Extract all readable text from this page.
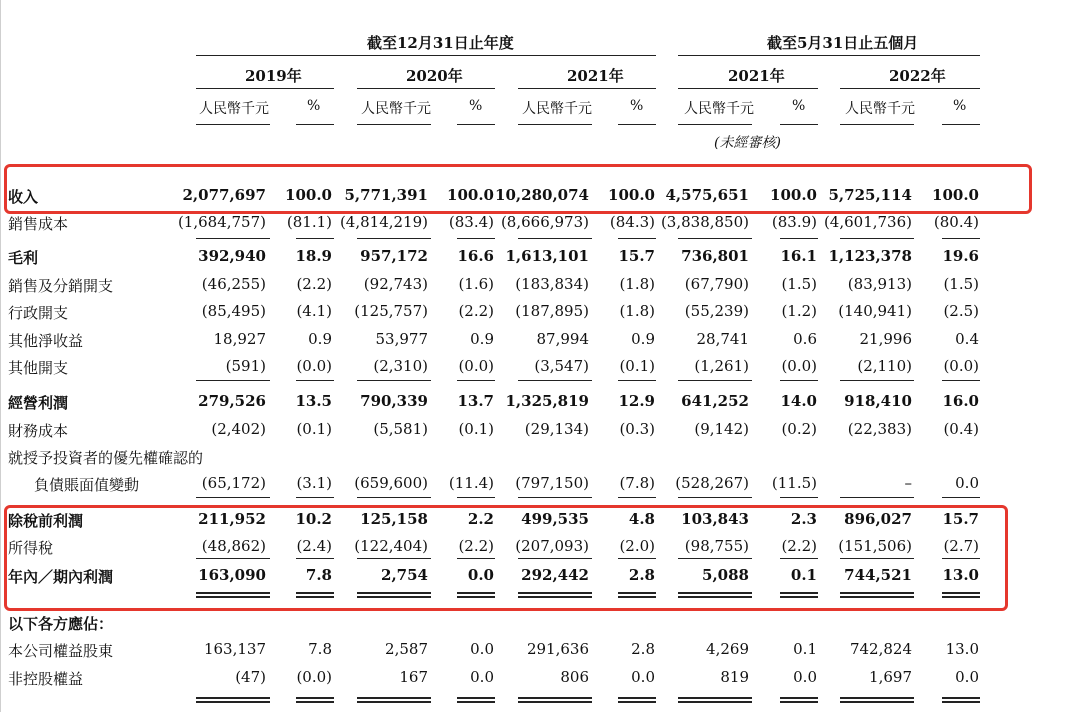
截至12月31日止年度	截至5月31日止五個月
2019年	2020年	2021年	2021年	2022年
人民幣千元	%	人民幣千元	%	人民幣千元	%	人民幣千元	%	人民幣千元	%
(未經審核)
收入	2,077,697 100.0 5,771,391 100.0 10,280,074 100.0 4,575,651 100.0 5,725,114 100.0
銷售成本	(1,684,757) (81.1) (4,814,219) (83.4) (8,666,973) (84.3) (3,838,850) (83.9) (4,601,736) (80.4)
毛利	392,940 18.9 957,172 16.6 1,613,101 15.7 736,801 16.1 1,123,378 19.6
銷售及分銷開支	(46,255) (2.2) (92,743) (1.6) (183,834) (1.8) (67,790) (1.5) (83,913) (1.5)
行政開支	(85,495) (4.1) (125,757) (2.2) (187,895) (1.8) (55,239) (1.2) (140,941) (2.5)
其他淨收益	18,927	0.9	53,977	0.9	87,994	0.9	28,741	0.6	21,996	0.4
其他開支	(591) (0.0)	(2,310) (0.0)	(3,547) (0.1)	(1,261) (0.0)	(2,110) (0.0)
經營利潤	279,526 13.5 790,339 13.7 1,325,819 12.9 641,252 14.0 918,410 16.0
財務成本	(2,402) (0.1)	(5,581) (0.1) (29,134) (0.3)	(9,142) (0.2) (22,383) (0.4)
就授予投資者的優先權確認的
負債賬面值變動	(65,172) (3.1) (659,600) (11.4) (797,150) (7.8) (528,267) (11.5)	–	0.0
除稅前利潤	211,952 10.2 125,158	2.2 499,535	4.8 103,843	2.3 896,027 15.7
所得稅	(48,862) (2.4) (122,404) (2.2) (207,093) (2.0) (98,755) (2.2) (151,506) (2.7)
年內／期內利潤	163,090	7.8	2,754	0.0 292,442	2.8	5,088	0.1 744,521 13.0
以下各方應佔：
本公司權益股東	163,137	7.8	2,587	0.0 291,636	2.8	4,269	0.1 742,824 13.0
非控股權益	(47) (0.0)	167	0.0	806	0.0	819	0.0	1,697	0.0
